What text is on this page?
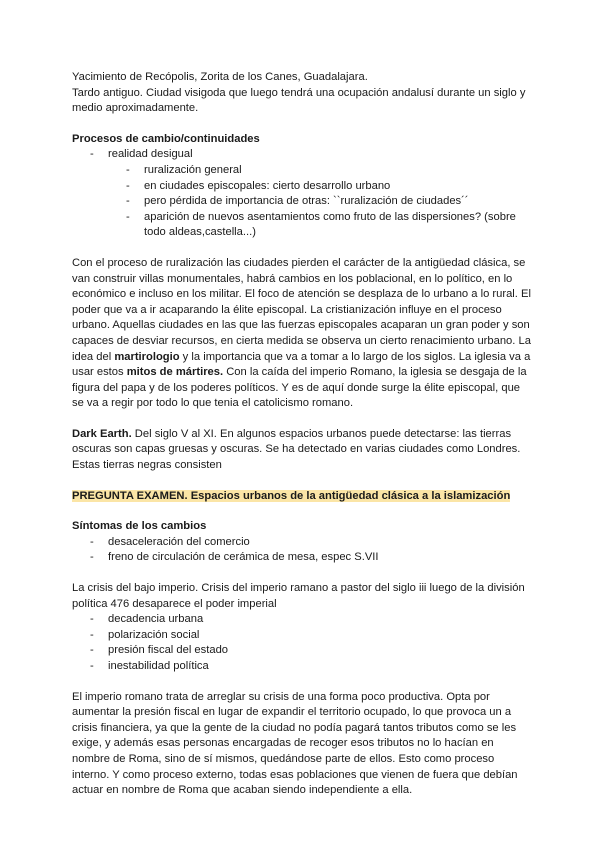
Yacimiento de Recópolis, Zorita de los Canes, Guadalajara.

Tardo antiguo. Ciudad visigoda que luego tendrá una ocupación andalusí durante un siglo y medio aproximadamente.

Procesos de cambio/continuidades

- realidad desigual
- ruralización general
- en ciudades episcopales: cierto desarrollo urbano
- pero pérdida de importancia de otras: ``ruralización de ciudades´´
- aparición de nuevos asentamientos como fruto de las dispersiones? (sobre todo aldeas,castella...)

Con el proceso de ruralización las ciudades pierden el carácter de la antigüedad clásica, se van construir villas monumentales, habrá cambios en los poblacional, en lo político, en lo económico e incluso en los militar. El foco de atención se desplaza de lo urbano a lo rural. El poder que va a ir acaparando la élite episcopal. La cristianización influye en el proceso urbano. Aquellas ciudades en las que las fuerzas episcopales acaparan un gran poder y son capaces de desviar recursos, en cierta medida se observa un cierto renacimiento urbano. La idea del martirologio y la importancia que va a tomar a lo largo de los siglos. La iglesia va a usar estos mitos de mártires. Con la caída del imperio Romano, la iglesia se desgaja de la figura del papa y de los poderes políticos. Y es de aquí donde surge la élite episcopal, que se va a regir por todo lo que tenia el catolicismo romano.

Dark Earth. Del siglo V al XI. En algunos espacios urbanos puede detectarse: las tierras oscuras son capas gruesas y oscuras. Se ha detectado en varias ciudades como Londres. Estas tierras negras consisten

PREGUNTA EXAMEN. Espacios urbanos de la antigüedad clásica a la islamización

Síntomas de los cambios

- desaceleración del comercio
- freno de circulación de cerámica de mesa, espec S.VII

La crisis del bajo imperio. Crisis del imperio ramano a pastor del siglo iii luego de la división política 476 desaparece el poder imperial

- decadencia urbana
- polarización social
- presión fiscal del estado
- inestabilidad política

El imperio romano trata de arreglar su crisis de una forma poco productiva. Opta por aumentar la presión fiscal en lugar de expandir el territorio ocupado, lo que provoca un a crisis financiera, ya que la gente de la ciudad no podía pagará tantos tributos como se les exige, y además esas personas encargadas de recoger esos tributos no lo hacían en nombre de Roma, sino de sí mismos, quedándose parte de ellos. Esto como proceso interno. Y como proceso externo, todas esas poblaciones que vienen de fuera que debían actuar en nombre de Roma que acaban siendo independiente a ella.
